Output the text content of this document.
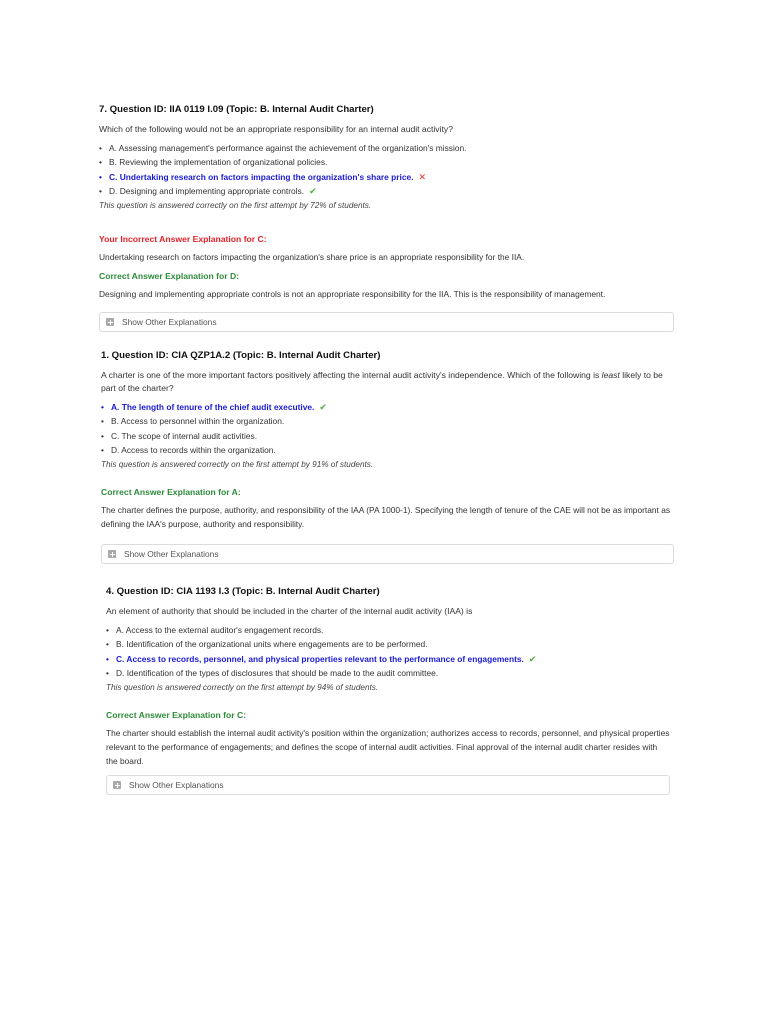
7. Question ID: IIA 0119 I.09 (Topic: B. Internal Audit Charter)
Which of the following would not be an appropriate responsibility for an internal audit activity?
• A. Assessing management's performance against the achievement of the organization's mission.
• B. Reviewing the implementation of organizational policies.
• C. Undertaking research on factors impacting the organization's share price. ✕
• D. Designing and implementing appropriate controls. ✔
This question is answered correctly on the first attempt by 72% of students.
Your Incorrect Answer Explanation for C:
Undertaking research on factors impacting the organization's share price is an appropriate responsibility for the IIA.
Correct Answer Explanation for D:
Designing and implementing appropriate controls is not an appropriate responsibility for the IIA. This is the responsibility of management.
Show Other Explanations
1. Question ID: CIA QZP1A.2 (Topic: B. Internal Audit Charter)
A charter is one of the more important factors positively affecting the internal audit activity's independence. Which of the following is least likely to be part of the charter?
• A. The length of tenure of the chief audit executive. ✔
• B. Access to personnel within the organization.
• C. The scope of internal audit activities.
• D. Access to records within the organization.
This question is answered correctly on the first attempt by 91% of students.
Correct Answer Explanation for A:
The charter defines the purpose, authority, and responsibility of the IAA (PA 1000-1). Specifying the length of tenure of the CAE will not be as important as defining the IAA's purpose, authority and responsibility.
Show Other Explanations
4. Question ID: CIA 1193 I.3 (Topic: B. Internal Audit Charter)
An element of authority that should be included in the charter of the internal audit activity (IAA) is
• A. Access to the external auditor's engagement records.
• B. Identification of the organizational units where engagements are to be performed.
• C. Access to records, personnel, and physical properties relevant to the performance of engagements. ✔
• D. Identification of the types of disclosures that should be made to the audit committee.
This question is answered correctly on the first attempt by 94% of students.
Correct Answer Explanation for C:
The charter should establish the internal audit activity's position within the organization; authorizes access to records, personnel, and physical properties relevant to the performance of engagements; and defines the scope of internal audit activities. Final approval of the internal audit charter resides with the board.
Show Other Explanations
